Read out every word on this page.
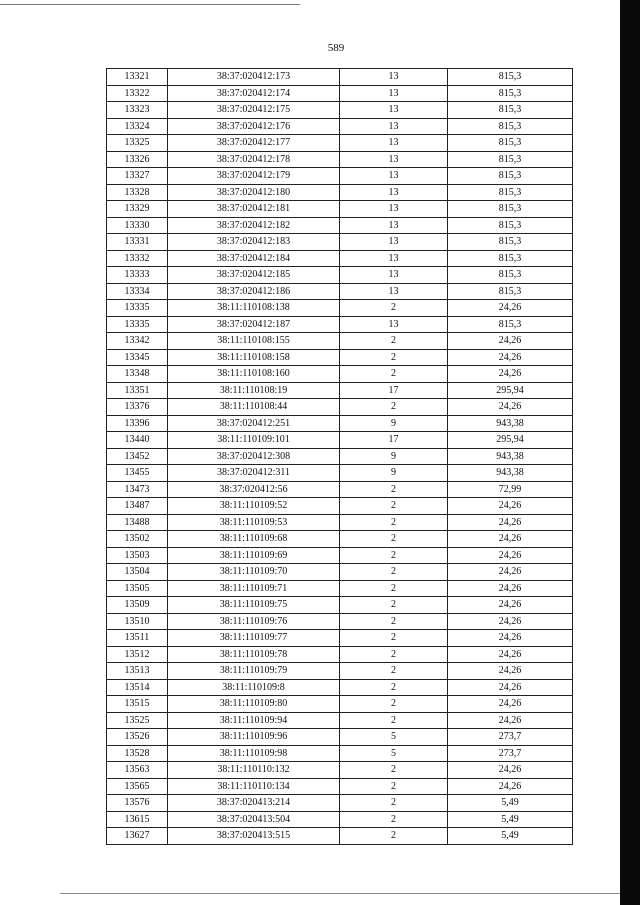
589
13321	38:37:020412:173	13	815,3
13322	38:37:020412:174	13	815,3
13323	38:37:020412:175	13	815,3
13324	38:37:020412:176	13	815,3
13325	38:37:020412:177	13	815,3
13326	38:37:020412:178	13	815,3
13327	38:37:020412:179	13	815,3
13328	38:37:020412:180	13	815,3
13329	38:37:020412:181	13	815,3
13330	38:37:020412:182	13	815,3
13331	38:37:020412:183	13	815,3
13332	38:37:020412:184	13	815,3
13333	38:37:020412:185	13	815,3
13334	38:37:020412:186	13	815,3
13335	38:11:110108:138	2	24,26
13335	38:37:020412:187	13	815,3
13342	38:11:110108:155	2	24,26
13345	38:11:110108:158	2	24,26
13348	38:11:110108:160	2	24,26
13351	38:11:110108:19	17	295,94
13376	38:11:110108:44	2	24,26
13396	38:37:020412:251	9	943,38
13440	38:11:110109:101	17	295,94
13452	38:37:020412:308	9	943,38
13455	38:37:020412:311	9	943,38
13473	38:37:020412:56	2	72,99
13487	38:11:110109:52	2	24,26
13488	38:11:110109:53	2	24,26
13502	38:11:110109:68	2	24,26
13503	38:11:110109:69	2	24,26
13504	38:11:110109:70	2	24,26
13505	38:11:110109:71	2	24,26
13509	38:11:110109:75	2	24,26
13510	38:11:110109:76	2	24,26
13511	38:11:110109:77	2	24,26
13512	38:11:110109:78	2	24,26
13513	38:11:110109:79	2	24,26
13514	38:11:110109:8	2	24,26
13515	38:11:110109:80	2	24,26
13525	38:11:110109:94	2	24,26
13526	38:11:110109:96	5	273,7
13528	38:11:110109:98	5	273,7
13563	38:11:110110:132	2	24,26
13565	38:11:110110:134	2	24,26
13576	38:37:020413:214	2	5,49
13615	38:37:020413:504	2	5,49
13627	38:37:020413:515	2	5,49
